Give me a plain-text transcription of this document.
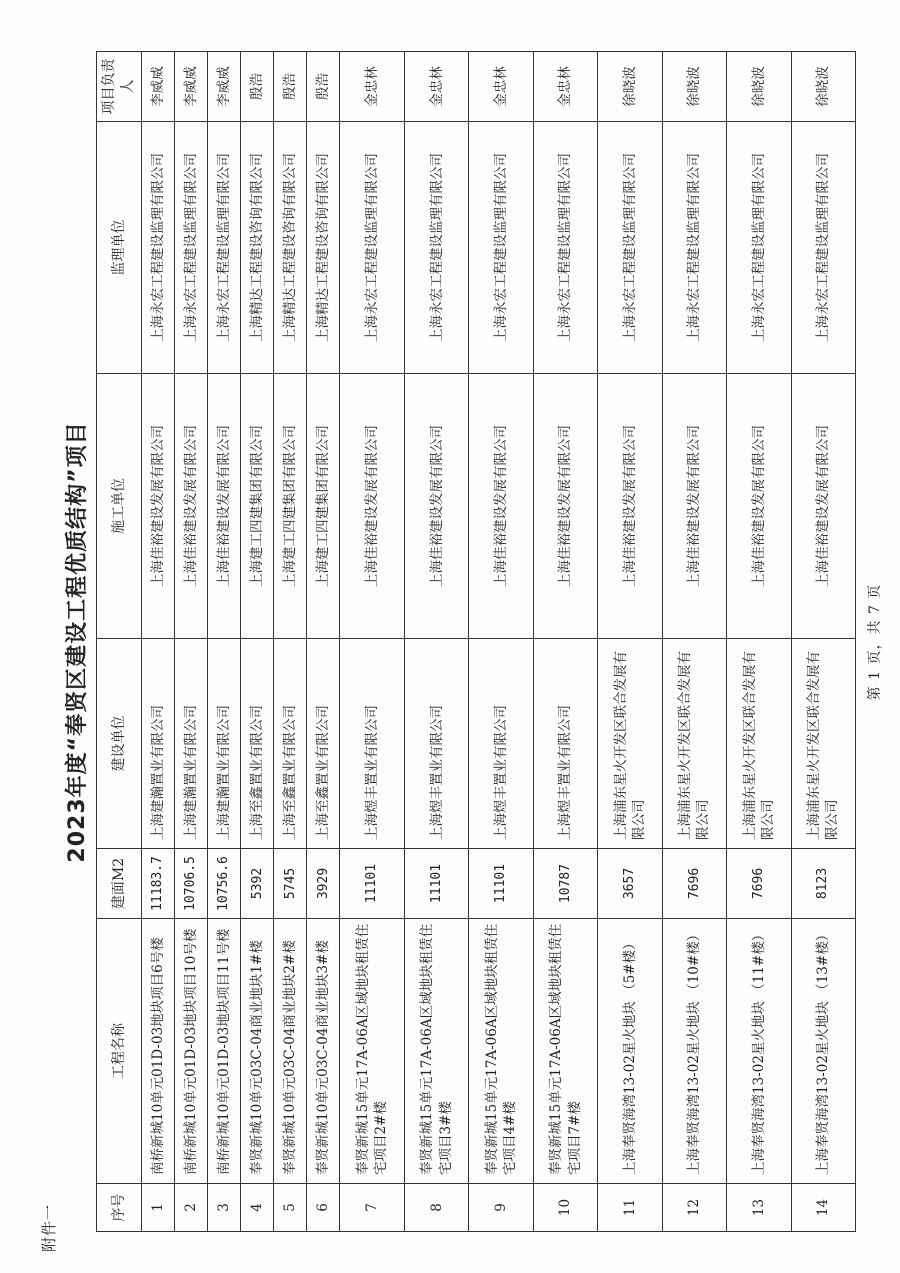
附件一
2023年度“奉贤区建设工程优质结构”项目
序号	工程名称	建面M2	建设单位	施工单位	监理单位	项目负责人
1	南桥新城10单元01D-03地块项目6号楼	11183.7	上海建瀚置业有限公司	上海佳裕建设发展有限公司	上海永宏工程建设监理有限公司	李威威
2	南桥新城10单元01D-03地块项目10号楼	10706.5	上海建瀚置业有限公司	上海佳裕建设发展有限公司	上海永宏工程建设监理有限公司	李威威
3	南桥新城10单元01D-03地块项目11号楼	10756.6	上海建瀚置业有限公司	上海佳裕建设发展有限公司	上海永宏工程建设监理有限公司	李威威
4	奉贤新城10单元03C-04商业地块1#楼	5392	上海至鑫置业有限公司	上海建工四建集团有限公司	上海精达工程建设咨询有限公司	殷浩
5	奉贤新城10单元03C-04商业地块2#楼	5745	上海至鑫置业有限公司	上海建工四建集团有限公司	上海精达工程建设咨询有限公司	殷浩
6	奉贤新城10单元03C-04商业地块3#楼	3929	上海至鑫置业有限公司	上海建工四建集团有限公司	上海精达工程建设咨询有限公司	殷浩
7	奉贤新城15单元17A-06A区域地块租赁住宅项目2#楼	11101	上海煜丰置业有限公司	上海佳裕建设发展有限公司	上海永宏工程建设监理有限公司	金忠林
8	奉贤新城15单元17A-06A区域地块租赁住宅项目3#楼	11101	上海煜丰置业有限公司	上海佳裕建设发展有限公司	上海永宏工程建设监理有限公司	金忠林
9	奉贤新城15单元17A-06A区域地块租赁住宅项目4#楼	11101	上海煜丰置业有限公司	上海佳裕建设发展有限公司	上海永宏工程建设监理有限公司	金忠林
10	奉贤新城15单元17A-06A区域地块租赁住宅项目7#楼	10787	上海煜丰置业有限公司	上海佳裕建设发展有限公司	上海永宏工程建设监理有限公司	金忠林
11	上海奉贤海湾13-02星火地块 （5#楼）	3657	上海浦东星火开发区联合发展有限公司	上海佳裕建设发展有限公司	上海永宏工程建设监理有限公司	徐晓波
12	上海奉贤海湾13-02星火地块 （10#楼）	7696	上海浦东星火开发区联合发展有限公司	上海佳裕建设发展有限公司	上海永宏工程建设监理有限公司	徐晓波
13	上海奉贤海湾13-02星火地块 （11#楼）	7696	上海浦东星火开发区联合发展有限公司	上海佳裕建设发展有限公司	上海永宏工程建设监理有限公司	徐晓波
14	上海奉贤海湾13-02星火地块 （13#楼）	8123	上海浦东星火开发区联合发展有限公司	上海佳裕建设发展有限公司	上海永宏工程建设监理有限公司	徐晓波
第 1 页，共 7 页
